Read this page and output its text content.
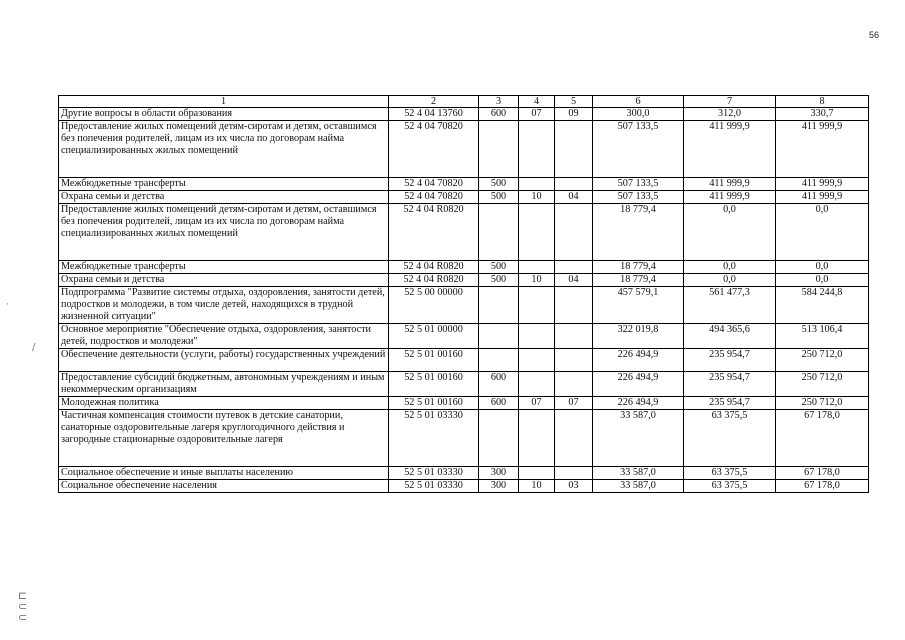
56
1	2	3	4	5	6	7	8
Другие вопросы в области образования	52 4 04 13760	600	07	09	300,0	312,0	330,7
Предоставление жилых помещений детям-сиротам и детям, оставшимся без попечения родителей, лицам из их числа по договорам найма специализированных жилых помещений	52 4 04 70820				507 133,5	411 999,9	411 999,9
Межбюджетные трансферты	52 4 04 70820	500			507 133,5	411 999,9	411 999,9
Охрана семьи и детства	52 4 04 70820	500	10	04	507 133,5	411 999,9	411 999,9
Предоставление жилых помещений детям-сиротам и детям, оставшимся без попечения родителей, лицам из их числа по договорам найма специализированных жилых помещений	52 4 04 R0820				18 779,4	0,0	0,0
Межбюджетные трансферты	52 4 04 R0820	500			18 779,4	0,0	0,0
Охрана семьи и детства	52 4 04 R0820	500	10	04	18 779,4	0,0	0,0
Подпрограмма "Развитие системы отдыха, оздоровления, занятости детей, подростков и молодежи, в том числе детей, находящихся в трудной жизненной ситуации"	52 5 00 00000				457 579,1	561 477,3	584 244,8
Основное мероприятие "Обеспечение отдыха, оздоровления, занятости детей, подростков и молодежи"	52 5 01 00000				322 019,8	494 365,6	513 106,4
Обеспечение деятельности (услуги, работы) государственных учреждений	52 5 01 00160				226 494,9	235 954,7	250 712,0
Предоставление субсидий бюджетным, автономным учреждениям и иным некоммерческим организациям	52 5 01 00160	600			226 494,9	235 954,7	250 712,0
Молодежная политика	52 5 01 00160	600	07	07	226 494,9	235 954,7	250 712,0
Частичная компенсация стоимости путевок в детские санатории, санаторные оздоровительные лагеря круглогодичного действия и загородные стационарные оздоровительные лагеря	52 5 01 03330				33 587,0	63 375,5	67 178,0
Социальное обеспечение и иные выплаты населению	52 5 01 03330	300			33 587,0	63 375,5	67 178,0
Социальное обеспечение населения	52 5 01 03330	300	10	03	33 587,0	63 375,5	67 178,0
·
/
⊏
⊂
⊂
